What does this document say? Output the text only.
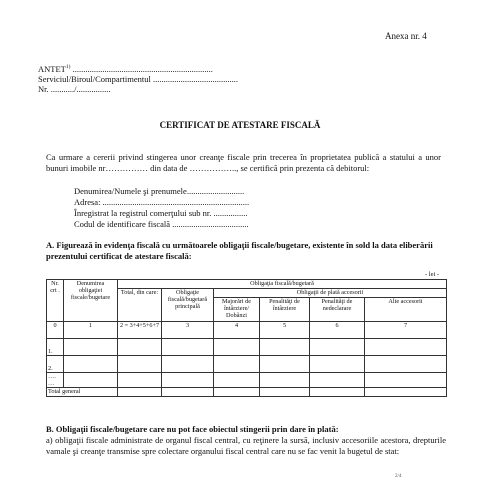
Anexa nr. 4
ANTET$^{1)}$ ..................................................................
Serviciul/Biroul/Compartimentul ........................................
Nr. .........../................
CERTIFICAT DE ATESTARE FISCALĂ
Ca urmare a cererii privind stingerea unor creanţe fiscale prin trecerea în proprietatea publică a statului a unor bunuri imobile nr…………… din data de …………….., se certifică prin prezenta că debitorul:
Denumirea/Numele şi prenumele...........................
Adresa: .....................................................................
Înregistrat la registrul comerţului sub nr. ................
Codul de identificare fiscală ....................................
A. Figurează în evidenţa fiscală cu următoarele obligaţii fiscale/bugetare, existente în sold la data eliberării prezentului certificat de atestare fiscală:
- lei -
Nr. crt .	Denumirea obligaţiei fiscale/bugetare	Obligaţia fiscală/bugetară					
		Total, din care:	Obligaţie fiscală/bugetară principală	Obligaţii de plată accesorii			
				Majorări de întârziere/ Dobânzi	Penalităţi de întârziere	Penalităţi de nedeclarare	Alte accesorii
0	1	2 = 3+4+5+6+7	3	4	5	6	7
1.							
2.							
…. …							
Total general							
B. Obligaţii fiscale/bugetare care nu pot face obiectul stingerii prin dare în plată:
a) obligaţii fiscale administrate de organul fiscal central, cu reţinere la sursă, inclusiv accesoriile acestora, drepturile vamale şi creanţe transmise spre colectare organului fiscal central care nu se fac venit la bugetul de stat:
2/4
